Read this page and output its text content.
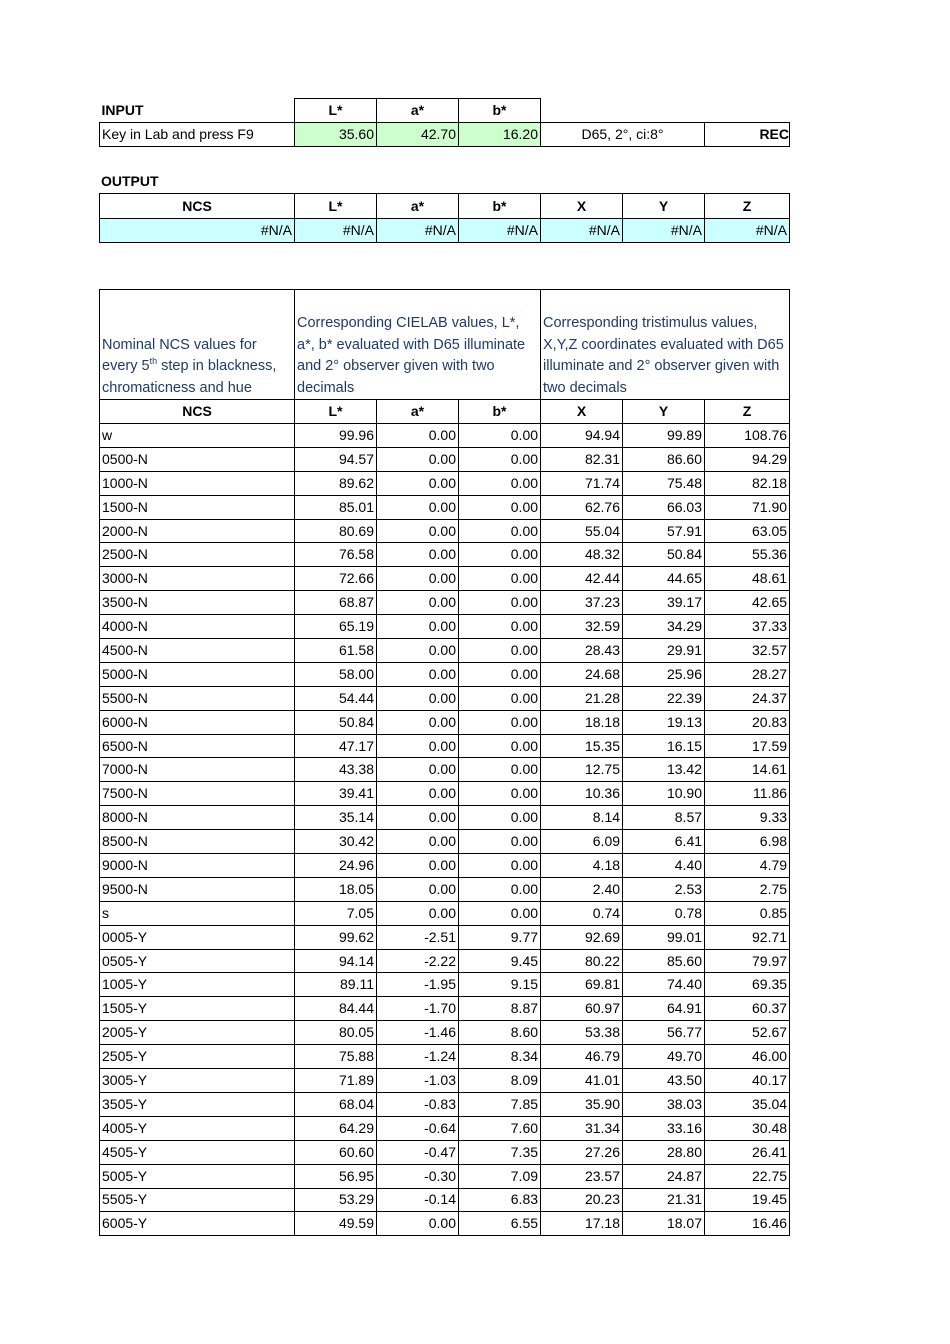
INPUT	L*	a*	b*		
Key in Lab and press F9	35.60	42.70	16.20	D65, 2°, ci:8°	REC
OUTPUT
NCS	L*	a*	b*	X	Y	Z
#N/A	#N/A	#N/A	#N/A	#N/A	#N/A	#N/A
Nominal NCS values for every 5th step in blackness, chromaticness and hue	Corresponding CIELAB values, L*, a*, b* evaluated with D65 illuminate and 2° observer given with two decimals			Corresponding tristimulus values, X,Y,Z coordinates evaluated with D65 illuminate and 2° observer given with two decimals		
NCS	L*	a*	b*	X	Y	Z
w	99.96	0.00	0.00	94.94	99.89	108.76
0500-N	94.57	0.00	0.00	82.31	86.60	94.29
1000-N	89.62	0.00	0.00	71.74	75.48	82.18
1500-N	85.01	0.00	0.00	62.76	66.03	71.90
2000-N	80.69	0.00	0.00	55.04	57.91	63.05
2500-N	76.58	0.00	0.00	48.32	50.84	55.36
3000-N	72.66	0.00	0.00	42.44	44.65	48.61
3500-N	68.87	0.00	0.00	37.23	39.17	42.65
4000-N	65.19	0.00	0.00	32.59	34.29	37.33
4500-N	61.58	0.00	0.00	28.43	29.91	32.57
5000-N	58.00	0.00	0.00	24.68	25.96	28.27
5500-N	54.44	0.00	0.00	21.28	22.39	24.37
6000-N	50.84	0.00	0.00	18.18	19.13	20.83
6500-N	47.17	0.00	0.00	15.35	16.15	17.59
7000-N	43.38	0.00	0.00	12.75	13.42	14.61
7500-N	39.41	0.00	0.00	10.36	10.90	11.86
8000-N	35.14	0.00	0.00	8.14	8.57	9.33
8500-N	30.42	0.00	0.00	6.09	6.41	6.98
9000-N	24.96	0.00	0.00	4.18	4.40	4.79
9500-N	18.05	0.00	0.00	2.40	2.53	2.75
s	7.05	0.00	0.00	0.74	0.78	0.85
0005-Y	99.62	-2.51	9.77	92.69	99.01	92.71
0505-Y	94.14	-2.22	9.45	80.22	85.60	79.97
1005-Y	89.11	-1.95	9.15	69.81	74.40	69.35
1505-Y	84.44	-1.70	8.87	60.97	64.91	60.37
2005-Y	80.05	-1.46	8.60	53.38	56.77	52.67
2505-Y	75.88	-1.24	8.34	46.79	49.70	46.00
3005-Y	71.89	-1.03	8.09	41.01	43.50	40.17
3505-Y	68.04	-0.83	7.85	35.90	38.03	35.04
4005-Y	64.29	-0.64	7.60	31.34	33.16	30.48
4505-Y	60.60	-0.47	7.35	27.26	28.80	26.41
5005-Y	56.95	-0.30	7.09	23.57	24.87	22.75
5505-Y	53.29	-0.14	6.83	20.23	21.31	19.45
6005-Y	49.59	0.00	6.55	17.18	18.07	16.46
